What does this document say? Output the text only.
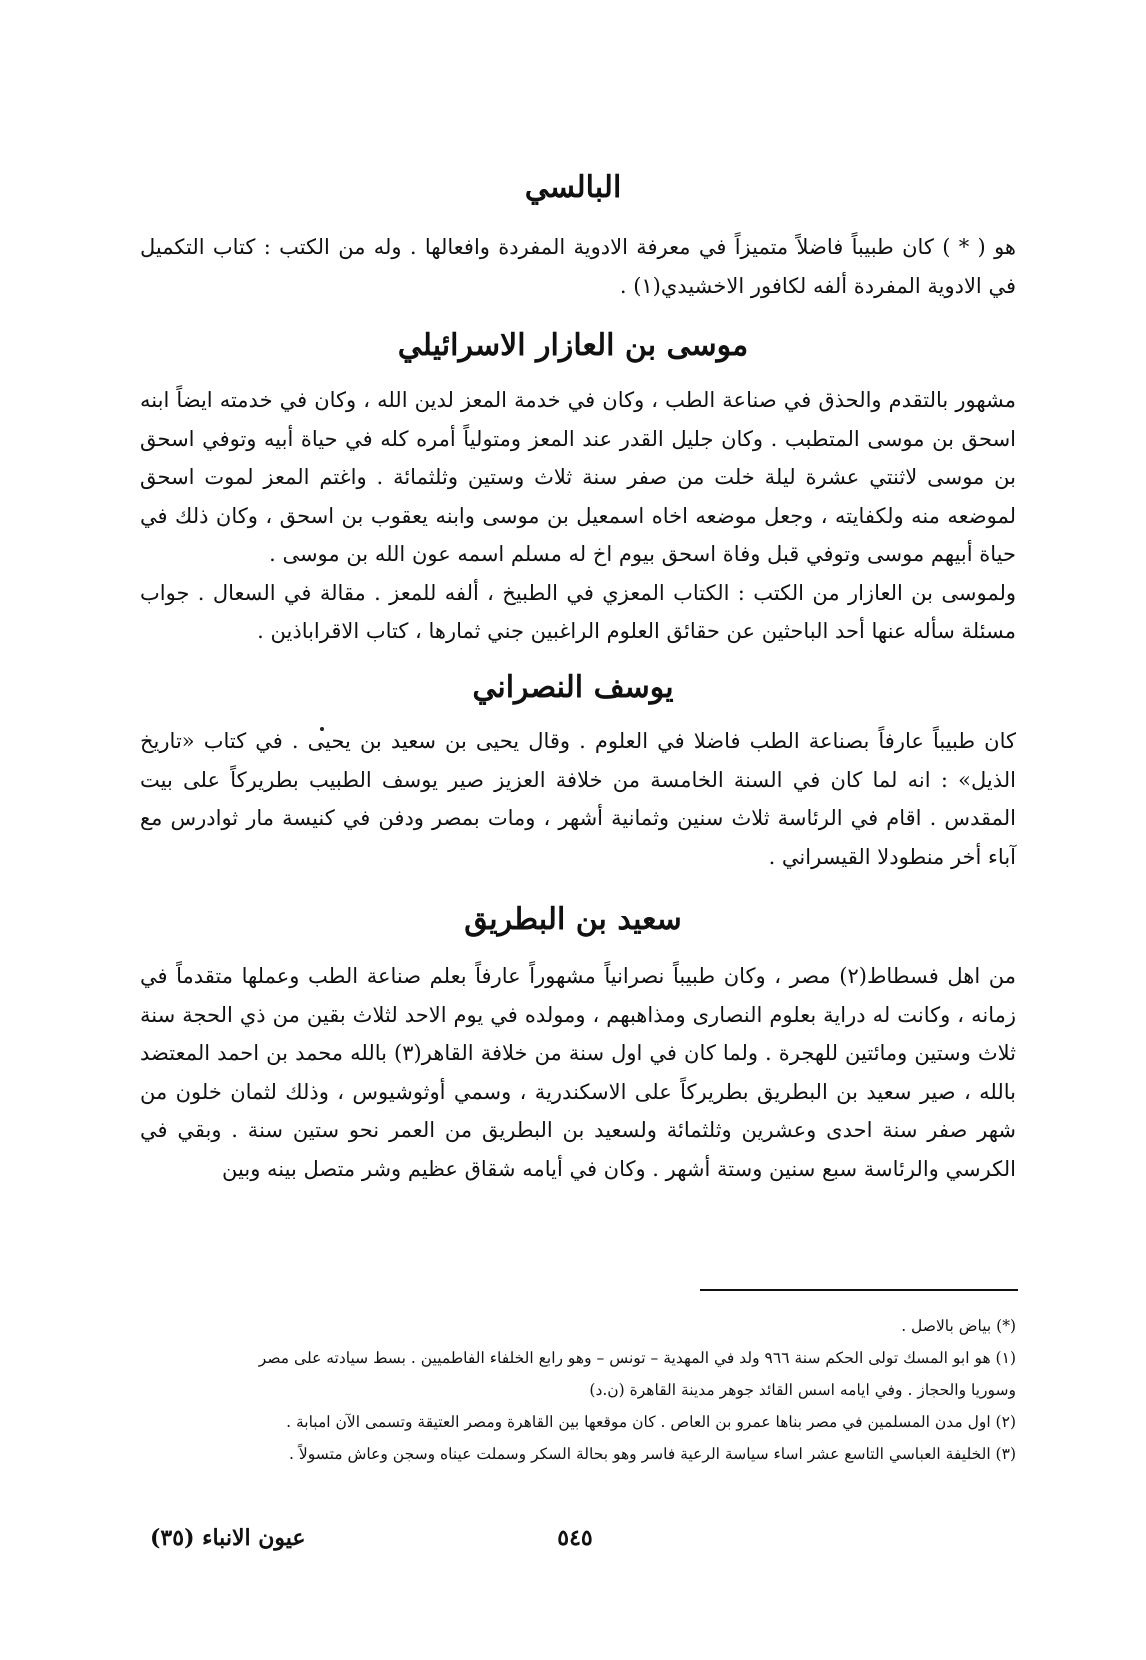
البالسي

هو ( * ) كان طبيباً فاضلاً متميزاً في معرفة الادوية المفردة وافعالها . وله من الكتب : كتاب التكميل في الادوية المفردة ألفه لكافور الاخشيدي(١) .

موسى بن العازار الاسرائيلي

مشهور بالتقدم والحذق في صناعة الطب ، وكان في خدمة المعز لدين الله ، وكان في خدمته ايضاً ابنه اسحق بن موسى المتطبب . وكان جليل القدر عند المعز ومتولياً أمره كله في حياة أبيه وتوفي اسحق بن موسى لاثنتي عشرة ليلة خلت من صفر سنة ثلاث وستين وثلثمائة . واغتم المعز لموت اسحق لموضعه منه ولكفايته ، وجعل موضعه اخاه اسمعيل بن موسى وابنه يعقوب بن اسحق ، وكان ذلك في حياة أبيهم موسى وتوفي قبل وفاة اسحق بيوم اخ له مسلم اسمه عون الله بن موسى .

ولموسى بن العازار من الكتب : الكتاب المعزي في الطبيخ ، ألفه للمعز . مقالة في السعال . جواب مسئلة سأله عنها أحد الباحثين عن حقائق العلوم الراغبين جني ثمارها ، كتاب الاقراباذين .

يوسف النصراني

كان طبيباً عارفاً بصناعة الطب فاضلا في العلوم . وقال يحيى بن سعيد بن يحيى . في كتاب «تاريخ الذيل» : انه لما كان في السنة الخامسة من خلافة العزيز صير يوسف الطبيب بطريركاً على بيت المقدس . اقام في الرئاسة ثلاث سنين وثمانية أشهر ، ومات بمصر ودفن في كنيسة مار ثوادرس مع آباء أخر منطودلا القيسراني .

سعيد بن البطريق

من اهل فسطاط(٢) مصر ، وكان طبيباً نصرانياً مشهوراً عارفاً بعلم صناعة الطب وعملها متقدماً في زمانه ، وكانت له دراية بعلوم النصارى ومذاهبهم ، ومولده في يوم الاحد لثلاث بقين من ذي الحجة سنة ثلاث وستين ومائتين للهجرة . ولما كان في اول سنة من خلافة القاهر(٣) بالله محمد بن احمد المعتضد بالله ، صير سعيد بن البطريق بطريركاً على الاسكندرية ، وسمي أوثوشيوس ، وذلك لثمان خلون من شهر صفر سنة احدى وعشرين وثلثمائة ولسعيد بن البطريق من العمر نحو ستين سنة . وبقي في الكرسي والرئاسة سبع سنين وستة أشهر . وكان في أيامه شقاق عظيم وشر متصل بينه وبين

(*) بياض بالاصل .
(١) هو ابو المسك تولى الحكم سنة ٩٦٦ ولد في المهدية – تونس – وهو رابع الخلفاء الفاطميين . بسط سيادته على مصر
وسوريا والحجاز . وفي ايامه اسس القائد جوهر مدينة القاهرة (ن.د)
(٢) اول مدن المسلمين في مصر بناها عمرو بن العاص . كان موقعها بين القاهرة ومصر العتيقة وتسمى الآن امبابة .
(٣) الخليفة العباسي التاسع عشر اساء سياسة الرعية فاسر وهو بحالة السكر وسملت عيناه وسجن وعاش متسولاً .
٥٤٥
عيون الانباء (٣٥)
